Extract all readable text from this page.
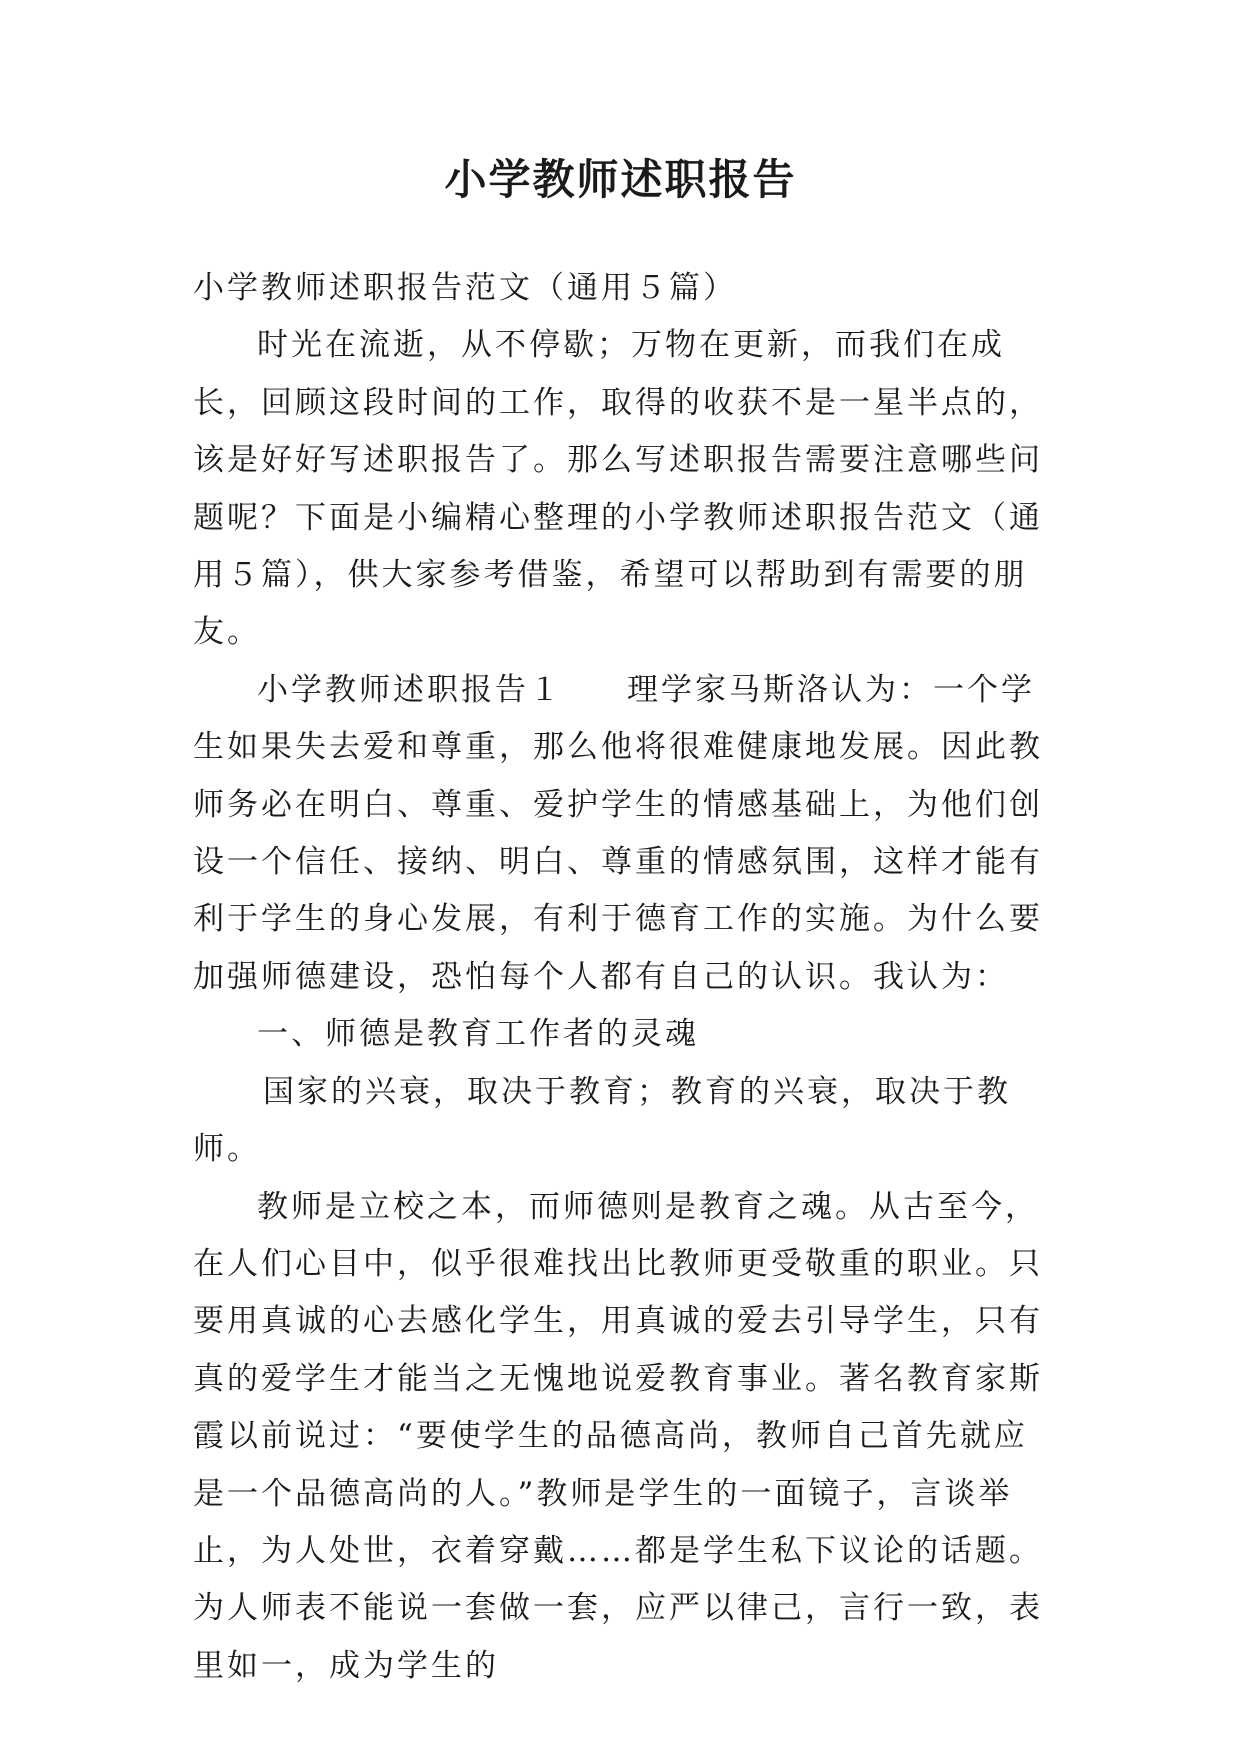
小学教师述职报告

小学教师述职报告范文（通用５篇）

时光在流逝，从不停歇；万物在更新，而我们在成长，回顾这段时间的工作，取得的收获不是一星半点的，该是好好写述职报告了。那么写述职报告需要注意哪些问题呢？下面是小编精心整理的小学教师述职报告范文（通用５篇），供大家参考借鉴，希望可以帮助到有需要的朋友。

小学教师述职报告１ 理学家马斯洛认为：一个学生如果失去爱和尊重，那么他将很难健康地发展。因此教师务必在明白、尊重、爱护学生的情感基础上，为他们创设一个信任、接纳、明白、尊重的情感氛围，这样才能有利于学生的身心发展，有利于德育工作的实施。为什么要加强师德建设，恐怕每个人都有自己的认识。我认为：

一、师德是教育工作者的灵魂

国家的兴衰，取决于教育；教育的兴衰，取决于教师。

教师是立校之本，而师德则是教育之魂。从古至今，在人们心目中，似乎很难找出比教师更受敬重的职业。只要用真诚的心去感化学生，用真诚的爱去引导学生，只有真的爱学生才能当之无愧地说爱教育事业。著名教育家斯霞以前说过：“要使学生的品德高尚，教师自己首先就应是一个品德高尚的人。”教师是学生的一面镜子，言谈举止，为人处世，衣着穿戴……都是学生私下议论的话题。为人师表不能说一套做一套，应严以律己，言行一致，表里如一，成为学生的
